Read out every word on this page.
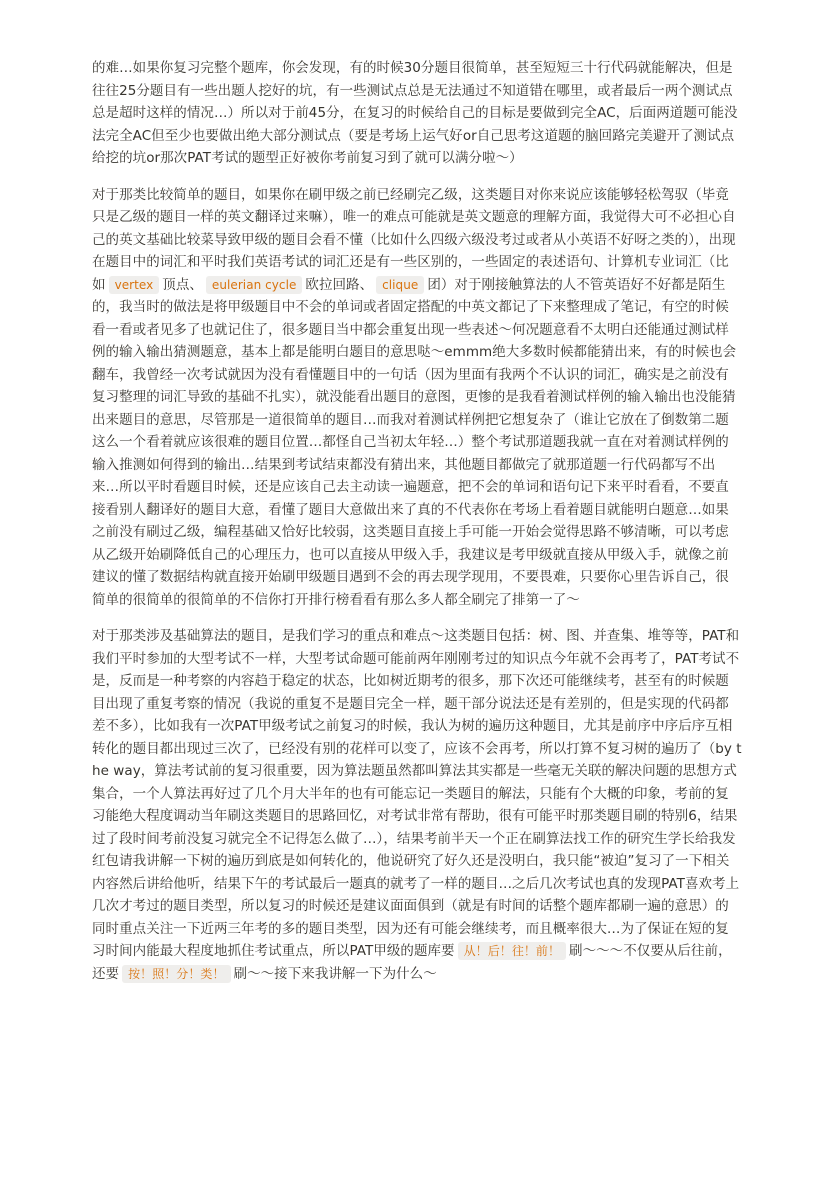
的难…如果你复习完整个题库，你会发现，有的时候30分题目很简单，甚至短短三十行代码就能解决，但是往往25分题目有一些出题人挖好的坑，有一些测试点总是无法通过不知道错在哪里，或者最后一两个测试点总是超时这样的情况…）所以对于前45分，在复习的时候给自己的目标是要做到完全AC，后面两道题可能没法完全AC但至少也要做出绝大部分测试点（要是考场上运气好or自己思考这道题的脑回路完美避开了测试点给挖的坑or那次PAT考试的题型正好被你考前复习到了就可以满分啦～）

对于那类比较简单的题目，如果你在刷甲级之前已经刷完乙级，这类题目对你来说应该能够轻松驾驭（毕竟只是乙级的题目一样的英文翻译过来嘛），唯一的难点可能就是英文题意的理解方面，我觉得大可不必担心自己的英文基础比较菜导致甲级的题目会看不懂（比如什么四级六级没考过或者从小英语不好呀之类的），出现在题目中的词汇和平时我们英语考试的词汇还是有一些区别的，一些固定的表述语句、计算机专业词汇（比如 vertex 顶点、 eulerian cycle 欧拉回路、 clique 团）对于刚接触算法的人不管英语好不好都是陌生的，我当时的做法是将甲级题目中不会的单词或者固定搭配的中英文都记了下来整理成了笔记，有空的时候看一看或者见多了也就记住了，很多题目当中都会重复出现一些表述～何况题意看不太明白还能通过测试样例的输入输出猜测题意，基本上都是能明白题目的意思哒～emmm绝大多数时候都能猜出来，有的时候也会翻车，我曾经一次考试就因为没有看懂题目中的一句话（因为里面有我两个不认识的词汇，确实是之前没有复习整理的词汇导致的基础不扎实），就没能看出题目的意图，更惨的是我看着测试样例的输入输出也没能猜出来题目的意思，尽管那是一道很简单的题目…而我对着测试样例把它想复杂了（谁让它放在了倒数第二题这么一个看着就应该很难的题目位置…都怪自己当初太年轻…）整个考试那道题我就一直在对着测试样例的输入推测如何得到的输出…结果到考试结束都没有猜出来，其他题目都做完了就那道题一行代码都写不出来…所以平时看题目时候，还是应该自己去主动读一遍题意，把不会的单词和语句记下来平时看看，不要直接看别人翻译好的题目大意，看懂了题目大意做出来了真的不代表你在考场上看着题目就能明白题意…如果之前没有刷过乙级，编程基础又恰好比较弱，这类题目直接上手可能一开始会觉得思路不够清晰，可以考虑从乙级开始刷降低自己的心理压力，也可以直接从甲级入手，我建议是考甲级就直接从甲级入手，就像之前建议的懂了数据结构就直接开始刷甲级题目遇到不会的再去现学现用，不要畏难，只要你心里告诉自己，很简单的很简单的很简单的不信你打开排行榜看看有那么多人都全刷完了排第一了～

对于那类涉及基础算法的题目，是我们学习的重点和难点～这类题目包括：树、图、并查集、堆等等，PAT和我们平时参加的大型考试不一样，大型考试命题可能前两年刚刚考过的知识点今年就不会再考了，PAT考试不是，反而是一种考察的内容趋于稳定的状态，比如树近期考的很多，那下次还可能继续考，甚至有的时候题目出现了重复考察的情况（我说的重复不是题目完全一样，题干部分说法还是有差别的，但是实现的代码都差不多），比如我有一次PAT甲级考试之前复习的时候，我认为树的遍历这种题目，尤其是前序中序后序互相转化的题目都出现过三次了，已经没有别的花样可以变了，应该不会再考，所以打算不复习树的遍历了（by the way，算法考试前的复习很重要，因为算法题虽然都叫算法其实都是一些毫无关联的解决问题的思想方式集合，一个人算法再好过了几个月大半年的也有可能忘记一类题目的解法，只能有个大概的印象，考前的复习能绝大程度调动当年刷这类题目的思路回忆，对考试非常有帮助，很有可能平时那类题目刷的特别6，结果过了段时间考前没复习就完全不记得怎么做了…），结果考前半天一个正在刷算法找工作的研究生学长给我发红包请我讲解一下树的遍历到底是如何转化的，他说研究了好久还是没明白，我只能“被迫”复习了一下相关内容然后讲给他听，结果下午的考试最后一题真的就考了一样的题目…之后几次考试也真的发现PAT喜欢考上几次才考过的题目类型，所以复习的时候还是建议面面俱到（就是有时间的话整个题库都刷一遍的意思）的同时重点关注一下近两三年考的多的题目类型，因为还有可能会继续考，而且概率很大…为了保证在短的复习时间内能最大程度地抓住考试重点，所以PAT甲级的题库要 从！后！往！前！ 刷～～～不仅要从后往前，还要 按！照！分！类！ 刷～～接下来我讲解一下为什么～
